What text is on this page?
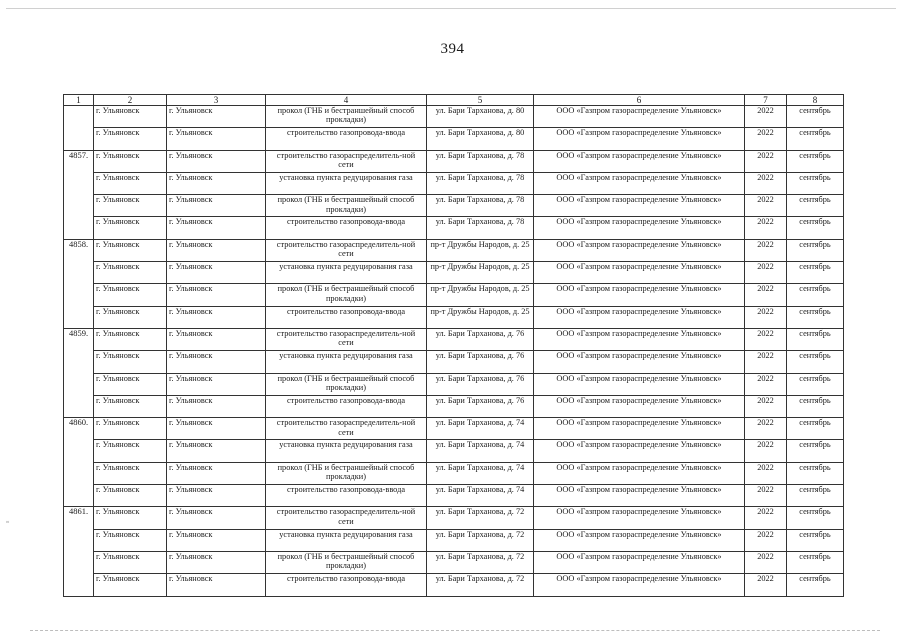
394
≈
1	2	3	4	5	6	7	8
	г. Ульяновск	г. Ульяновск	прокол (ГНБ и бестраншейный способ прокладки)	ул. Бари Тарханова, д. 80	ООО «Газпром газораспределение Ульяновск»	2022	сентябрь
	г. Ульяновск	г. Ульяновск	строительство газопровода-ввода	ул. Бари Тарханова, д. 80	ООО «Газпром газораспределение Ульяновск»	2022	сентябрь
4857.	г. Ульяновск	г. Ульяновск	строительство газораспределитель-ной сети	ул. Бари Тарханова, д. 78	ООО «Газпром газораспределение Ульяновск»	2022	сентябрь
	г. Ульяновск	г. Ульяновск	установка пункта редуцирования газа	ул. Бари Тарханова, д. 78	ООО «Газпром газораспределение Ульяновск»	2022	сентябрь
	г. Ульяновск	г. Ульяновск	прокол (ГНБ и бестраншейный способ прокладки)	ул. Бари Тарханова, д. 78	ООО «Газпром газораспределение Ульяновск»	2022	сентябрь
	г. Ульяновск	г. Ульяновск	строительство газопровода-ввода	ул. Бари Тарханова, д. 78	ООО «Газпром газораспределение Ульяновск»	2022	сентябрь
4858.	г. Ульяновск	г. Ульяновск	строительство газораспределитель-ной сети	пр-т Дружбы Народов, д. 25	ООО «Газпром газораспределение Ульяновск»	2022	сентябрь
	г. Ульяновск	г. Ульяновск	установка пункта редуцирования газа	пр-т Дружбы Народов, д. 25	ООО «Газпром газораспределение Ульяновск»	2022	сентябрь
	г. Ульяновск	г. Ульяновск	прокол (ГНБ и бестраншейный способ прокладки)	пр-т Дружбы Народов, д. 25	ООО «Газпром газораспределение Ульяновск»	2022	сентябрь
	г. Ульяновск	г. Ульяновск	строительство газопровода-ввода	пр-т Дружбы Народов, д. 25	ООО «Газпром газораспределение Ульяновск»	2022	сентябрь
4859.	г. Ульяновск	г. Ульяновск	строительство газораспределитель-ной сети	ул. Бари Тарханова, д. 76	ООО «Газпром газораспределение Ульяновск»	2022	сентябрь
	г. Ульяновск	г. Ульяновск	установка пункта редуцирования газа	ул. Бари Тарханова, д. 76	ООО «Газпром газораспределение Ульяновск»	2022	сентябрь
	г. Ульяновск	г. Ульяновск	прокол (ГНБ и бестраншейный способ прокладки)	ул. Бари Тарханова, д. 76	ООО «Газпром газораспределение Ульяновск»	2022	сентябрь
	г. Ульяновск	г. Ульяновск	строительство газопровода-ввода	ул. Бари Тарханова, д. 76	ООО «Газпром газораспределение Ульяновск»	2022	сентябрь
4860.	г. Ульяновск	г. Ульяновск	строительство газораспределитель-ной сети	ул. Бари Тарханова, д. 74	ООО «Газпром газораспределение Ульяновск»	2022	сентябрь
	г. Ульяновск	г. Ульяновск	установка пункта редуцирования газа	ул. Бари Тарханова, д. 74	ООО «Газпром газораспределение Ульяновск»	2022	сентябрь
	г. Ульяновск	г. Ульяновск	прокол (ГНБ и бестраншейный способ прокладки)	ул. Бари Тарханова, д. 74	ООО «Газпром газораспределение Ульяновск»	2022	сентябрь
	г. Ульяновск	г. Ульяновск	строительство газопровода-ввода	ул. Бари Тарханова, д. 74	ООО «Газпром газораспределение Ульяновск»	2022	сентябрь
4861.	г. Ульяновск	г. Ульяновск	строительство газораспределитель-ной сети	ул. Бари Тарханова, д. 72	ООО «Газпром газораспределение Ульяновск»	2022	сентябрь
	г. Ульяновск	г. Ульяновск	установка пункта редуцирования газа	ул. Бари Тарханова, д. 72	ООО «Газпром газораспределение Ульяновск»	2022	сентябрь
	г. Ульяновск	г. Ульяновск	прокол (ГНБ и бестраншейный способ прокладки)	ул. Бари Тарханова, д. 72	ООО «Газпром газораспределение Ульяновск»	2022	сентябрь
	г. Ульяновск	г. Ульяновск	строительство газопровода-ввода	ул. Бари Тарханова, д. 72	ООО «Газпром газораспределение Ульяновск»	2022	сентябрь
